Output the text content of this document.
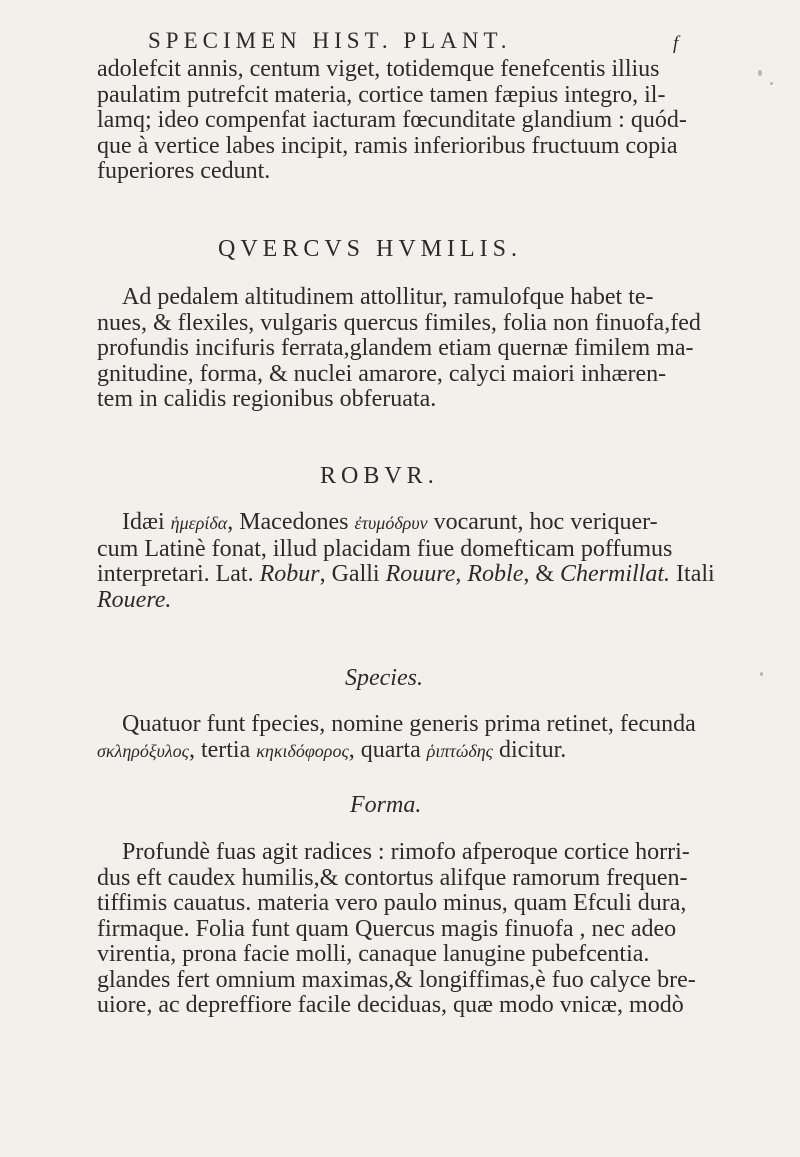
SPECIMEN HIST. PLANT.	f
adolefcit annis, centum viget, totidemque fenefcentis illius
paulatim putrefcit materia, cortice tamen fæpius integro, il-
lamq; ideo compenfat iacturam fœcunditate glandium : quód-
que à vertice labes incipit, ramis inferioribus fructuum copia
fuperiores cedunt.
QVERCVS HVMILIS.
Ad pedalem altitudinem attollitur, ramulofque habet te-
nues, & flexiles, vulgaris quercus fimiles, folia non finuofa,fed
profundis incifuris ferrata,glandem etiam quernæ fimilem ma-
gnitudine, forma, & nuclei amarore, calyci maiori inhæren-
tem in calidis regionibus obferuata.
ROBVR.
Idæi ἡμερίδα, Macedones ἐτυμόδρυν vocarunt, hoc veriquer-
cum Latinè fonat, illud placidam fiue domefticam poffumus
interpretari. Lat. Robur, Galli Rouure, Roble, & Chermillat. Itali
Rouere.
Species.
Quatuor funt fpecies, nomine generis prima retinet, fecunda
σκληρόξυλος, tertia κηκιδόφορος, quarta ῥιπτώδης dicitur.
Forma.
Profundè fuas agit radices : rimofo afperoque cortice horri-
dus eft caudex humilis,& contortus alifque ramorum frequen-
tiffimis cauatus. materia vero paulo minus, quam Efculi dura,
firmaque. Folia funt quam Quercus magis finuofa , nec adeo
virentia, prona facie molli, canaque lanugine pubefcentia.
glandes fert omnium maximas,& longiffimas,è fuo calyce bre-
uiore, ac depreffiore facile deciduas, quæ modo vnicæ, modò
